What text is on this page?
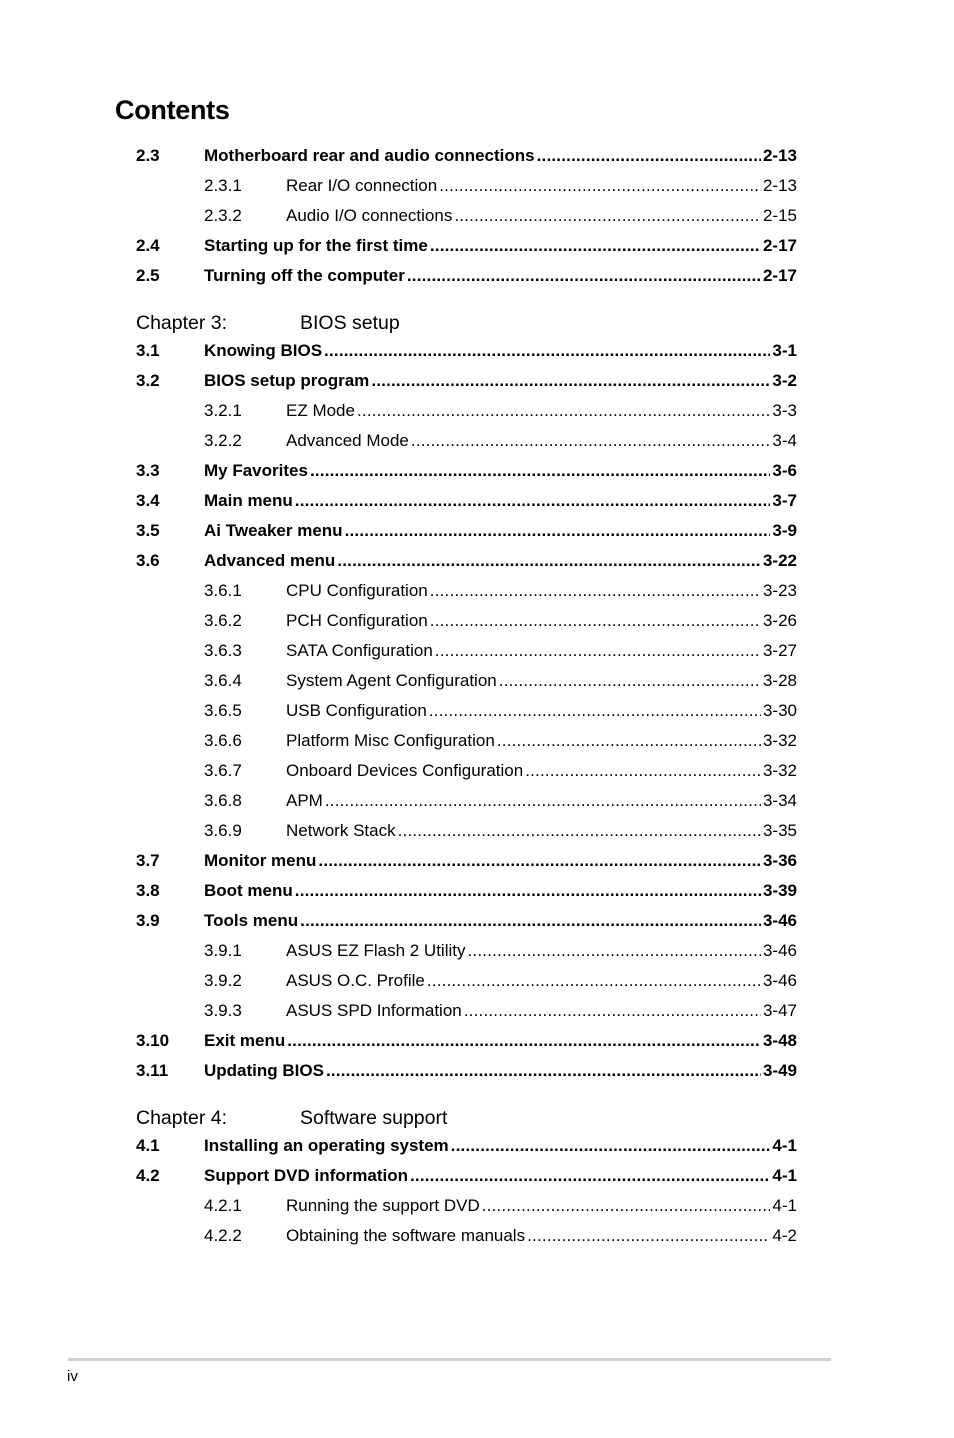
Contents
2.3	Motherboard rear and audio connections .....	2-13
2.3.1	Rear I/O connection .....	2-13
2.3.2	Audio I/O connections .....	2-15
2.4	Starting up for the first time .....	2-17
2.5	Turning off the computer .....	2-17
Chapter 3:	BIOS setup
3.1	Knowing BIOS .....	3-1
3.2	BIOS setup program .....	3-2
3.2.1	EZ Mode .....	3-3
3.2.2	Advanced Mode .....	3-4
3.3	My Favorites .....	3-6
3.4	Main menu .....	3-7
3.5	Ai Tweaker menu .....	3-9
3.6	Advanced menu .....	3-22
3.6.1	CPU Configuration .....	3-23
3.6.2	PCH Configuration .....	3-26
3.6.3	SATA Configuration .....	3-27
3.6.4	System Agent Configuration .....	3-28
3.6.5	USB Configuration .....	3-30
3.6.6	Platform Misc Configuration .....	3-32
3.6.7	Onboard Devices Configuration .....	3-32
3.6.8	APM .....	3-34
3.6.9	Network Stack .....	3-35
3.7	Monitor menu .....	3-36
3.8	Boot menu .....	3-39
3.9	Tools menu .....	3-46
3.9.1	ASUS EZ Flash 2 Utility .....	3-46
3.9.2	ASUS O.C. Profile .....	3-46
3.9.3	ASUS SPD Information .....	3-47
3.10 Exit menu .....	3-48
3.11 Updating BIOS .....	3-49
Chapter 4:	Software support
4.1	Installing an operating system .....	4-1
4.2	Support DVD information .....	4-1
4.2.1	Running the support DVD .....	4-1
4.2.2	Obtaining the software manuals .....	4-2
iv
